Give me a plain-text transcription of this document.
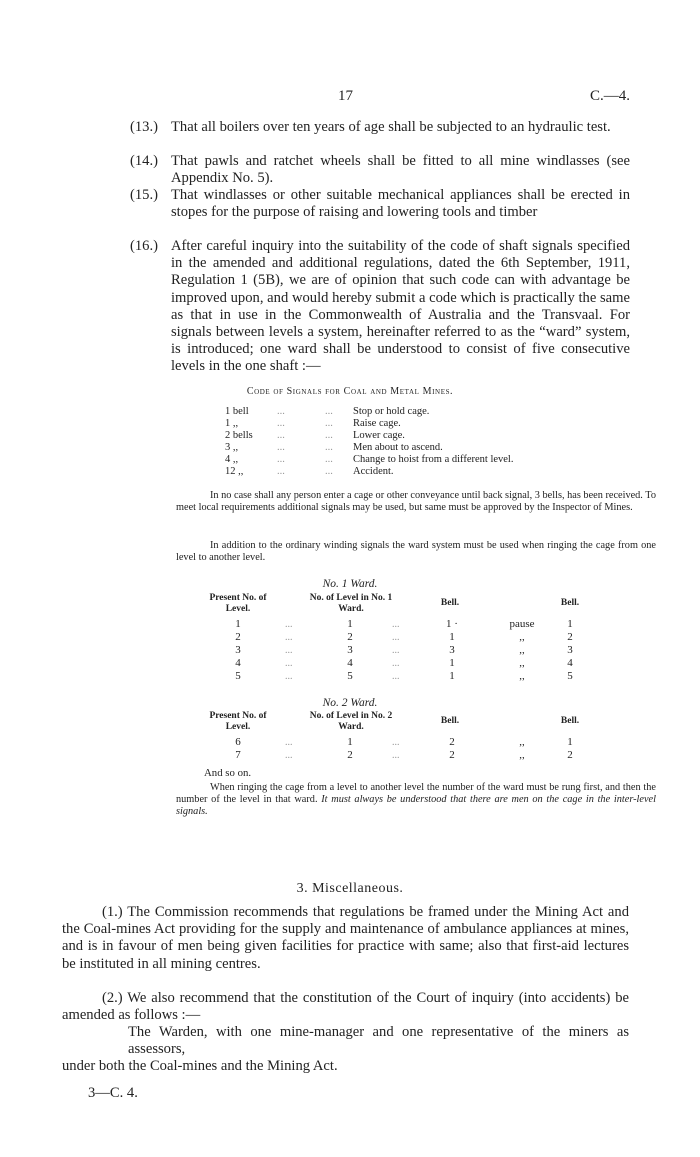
17	C.—4.
(13.) That all boilers over ten years of age shall be subjected to an hydraulic test.
(14.) That pawls and ratchet wheels shall be fitted to all mine windlasses (see Appendix No. 5).
(15.) That windlasses or other suitable mechanical appliances shall be erected in stopes for the purpose of raising and lowering tools and timber
(16.) After careful inquiry into the suitability of the code of shaft signals specified in the amended and additional regulations, dated the 6th September, 1911, Regulation 1 (5B), we are of opinion that such code can with advantage be improved upon, and would hereby submit a code which is practically the same as that in use in the Commonwealth of Australia and the Transvaal. For signals between levels a system, hereinafter referred to as the “ward” system, is introduced; one ward shall be understood to consist of five consecutive levels in the one shaft :—
Code of Signals for Coal and Metal Mines.
1 bell	...	... Stop or hold cage.
1 ,,	...	... Raise cage.
2 bells	...	... Lower cage.
3 ,,	...	... Men about to ascend.
4 ,,	...	... Change to hoist from a different level.
12 ,,	...	... Accident.
In no case shall any person enter a cage or other conveyance until back signal, 3 bells, has been received. To meet local requirements additional signals may be used, but same must be approved by the Inspector of Mines.
In addition to the ordinary winding signals the ward system must be used when ringing the cage from one level to another level.
No. 1 Ward.
Present No. of Level.
No. of Level in No. 1 Ward.
Bell.	Bell.
1	...	1	...	1 ·	pause	1
2	...	2	...	1	,,	2
3	...	3	...	3	,,	3
4	...	4	...	1	,,	4
5	...	5	...	1	,,	5
No. 2 Ward.
Present No. of Level.
No. of Level in No. 2 Ward.
Bell.	Bell.
6	...	1	...	2	,,	1
7	...	2	...	2	,,	2
And so on.
When ringing the cage from a level to another level the number of the ward must be rung first, and then the number of the level in that ward. It must always be understood that there are men on the cage in the inter-level signals.
3. Miscellaneous.
(1.) The Commission recommends that regulations be framed under the Mining Act and the Coal-mines Act providing for the supply and maintenance of ambulance appliances at mines, and is in favour of men being given facilities for practice with same; also that first-aid lectures be instituted in all mining centres.
(2.) We also recommend that the constitution of the Court of inquiry (into accidents) be amended as follows :—
The Warden, with one mine-manager and one representative of the miners as assessors,
under both the Coal-mines and the Mining Act.
3—C. 4.
